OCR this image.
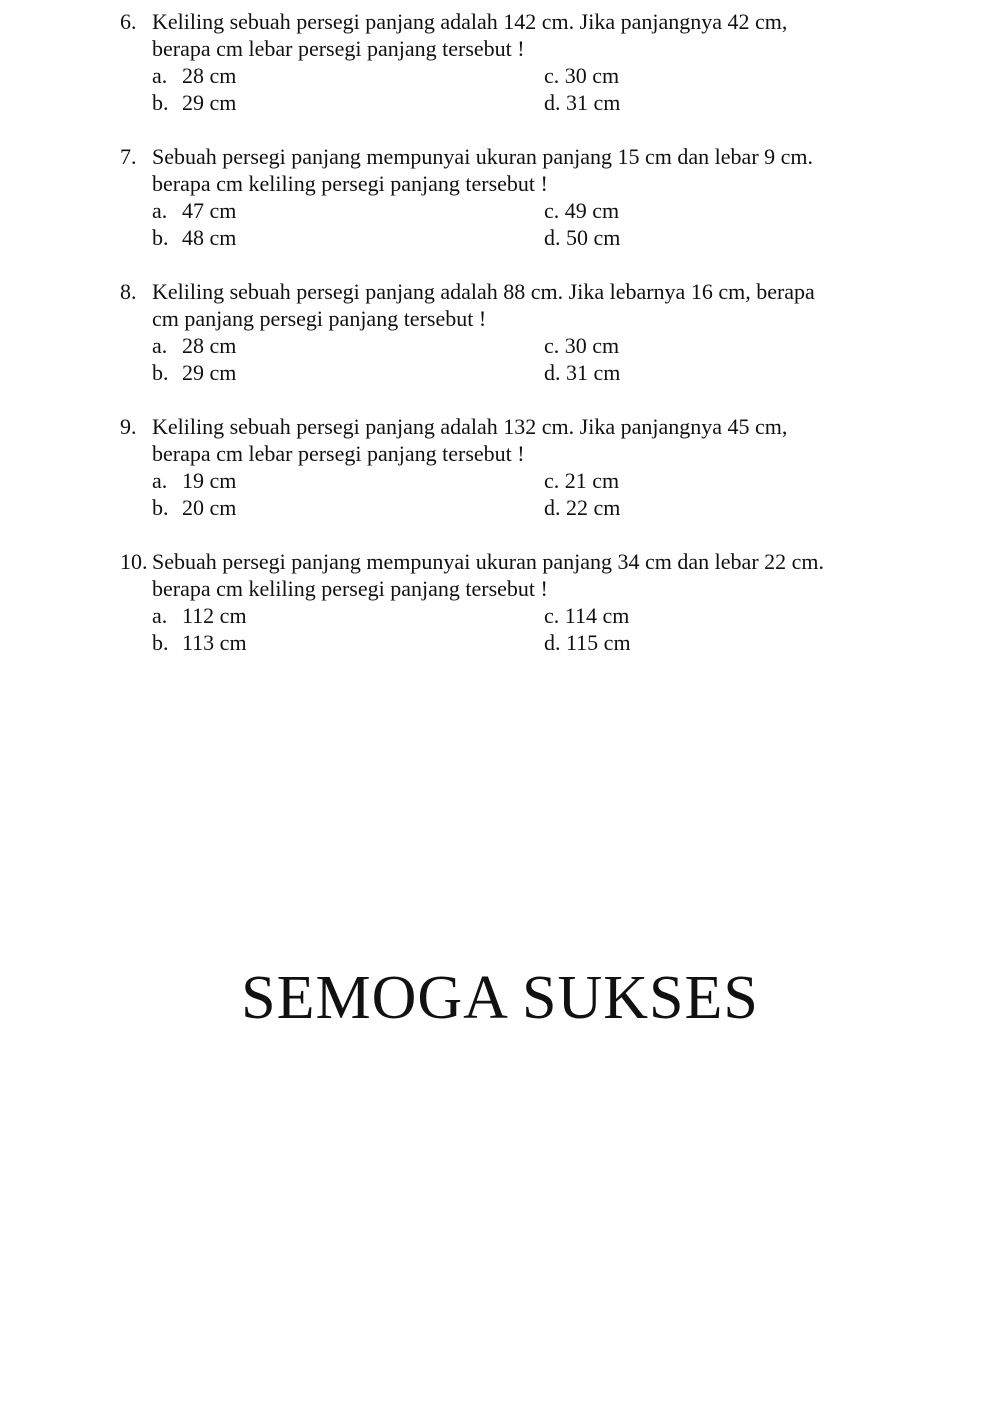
6. Keliling sebuah persegi panjang adalah 142 cm. Jika panjangnya 42 cm,
berapa cm lebar persegi panjang tersebut !
a. 28 cm
b. 29 cm
c. 30 cm
d. 31 cm
7. Sebuah persegi panjang mempunyai ukuran panjang 15 cm dan lebar 9 cm.
berapa cm keliling persegi panjang tersebut !
a. 47 cm
b. 48 cm
c. 49 cm
d. 50 cm
8. Keliling sebuah persegi panjang adalah 88 cm. Jika lebarnya 16 cm, berapa
cm panjang persegi panjang tersebut !
a. 28 cm
b. 29 cm
c. 30 cm
d. 31 cm
9. Keliling sebuah persegi panjang adalah 132 cm. Jika panjangnya 45 cm,
berapa cm lebar persegi panjang tersebut !
a. 19 cm
b. 20 cm
c. 21 cm
d. 22 cm
10. Sebuah persegi panjang mempunyai ukuran panjang 34 cm dan lebar 22 cm.
berapa cm keliling persegi panjang tersebut !
a. 112 cm
b. 113 cm
c. 114 cm
d. 115 cm
SEMOGA SUKSES
